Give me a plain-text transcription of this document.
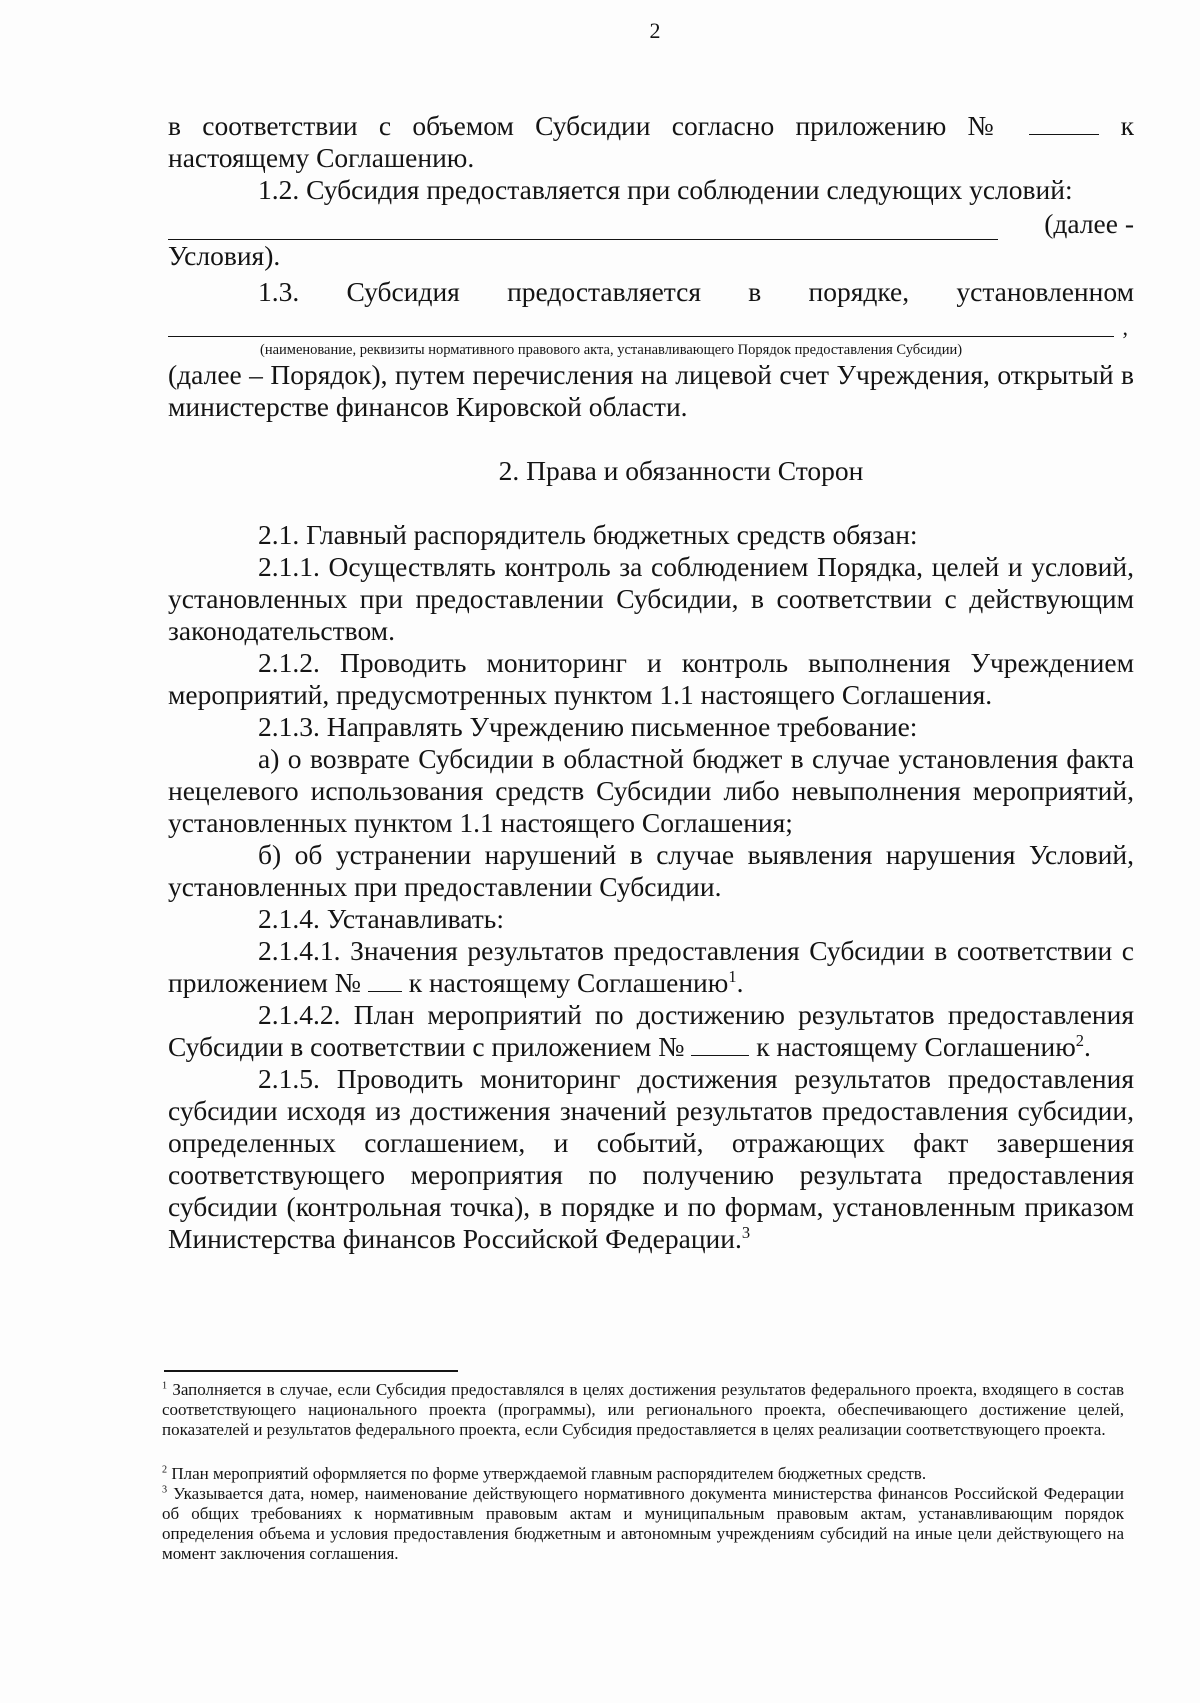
2

в соответствии с объемом Субсидии согласно приложению №	к

настоящему Соглашению.

1.2. Субсидия предоставляется при соблюдении следующих условий:

(далее -

Условия).

1.3. Субсидия предоставляется в порядке, установленном
,
(наименование, реквизиты нормативного правового акта, устанавливающего Порядок предоставления Субсидии)

(далее – Порядок), путем перечисления на лицевой счет Учреждения, открытый в министерстве финансов Кировской области.

2. Права и обязанности Сторон

2.1. Главный распорядитель бюджетных средств обязан:

2.1.1. Осуществлять контроль за соблюдением Порядка, целей и условий, установленных при предоставлении Субсидии, в соответствии с действующим законодательством.

2.1.2. Проводить мониторинг и контроль выполнения Учреждением мероприятий, предусмотренных пунктом 1.1 настоящего Соглашения.

2.1.3. Направлять Учреждению письменное требование:

а) о возврате Субсидии в областной бюджет в случае установления факта нецелевого использования средств Субсидии либо невыполнения мероприятий, установленных пунктом 1.1 настоящего Соглашения;

б) об устранении нарушений в случае выявления нарушения Условий, установленных при предоставлении Субсидии.

2.1.4. Устанавливать:

2.1.4.1. Значения результатов предоставления Субсидии в соответствии с приложением № к настоящему Соглашению$^1$.

2.1.4.2. План мероприятий по достижению результатов предоставления Субсидии в соответствии с приложением №	к настоящему Соглашению$^2$.

2.1.5. Проводить мониторинг достижения результатов предоставления субсидии исходя из достижения значений результатов предоставления субсидии, определенных соглашением, и событий, отражающих факт завершения соответствующего мероприятия по получению результата предоставления субсидии (контрольная точка), в порядке и по формам, установленным приказом Министерства финансов Российской Федерации.$^3$

$^1$ Заполняется в случае, если Субсидия предоставлялся в целях достижения результатов федерального проекта, входящего в состав соответствующего национального проекта (программы), или регионального проекта, обеспечивающего достижение целей, показателей и результатов федерального проекта, если Субсидия предоставляется в целях реализации соответствующего проекта.

$^2$ План мероприятий оформляется по форме утверждаемой главным распорядителем бюджетных средств.

$^3$ Указывается дата, номер, наименование действующего нормативного документа министерства финансов Российской Федерации об общих требованиях к нормативным правовым актам и муниципальным правовым актам, устанавливающим порядок определения объема и условия предоставления бюджетным и автономным учреждениям субсидий на иные цели действующего на момент заключения соглашения.
